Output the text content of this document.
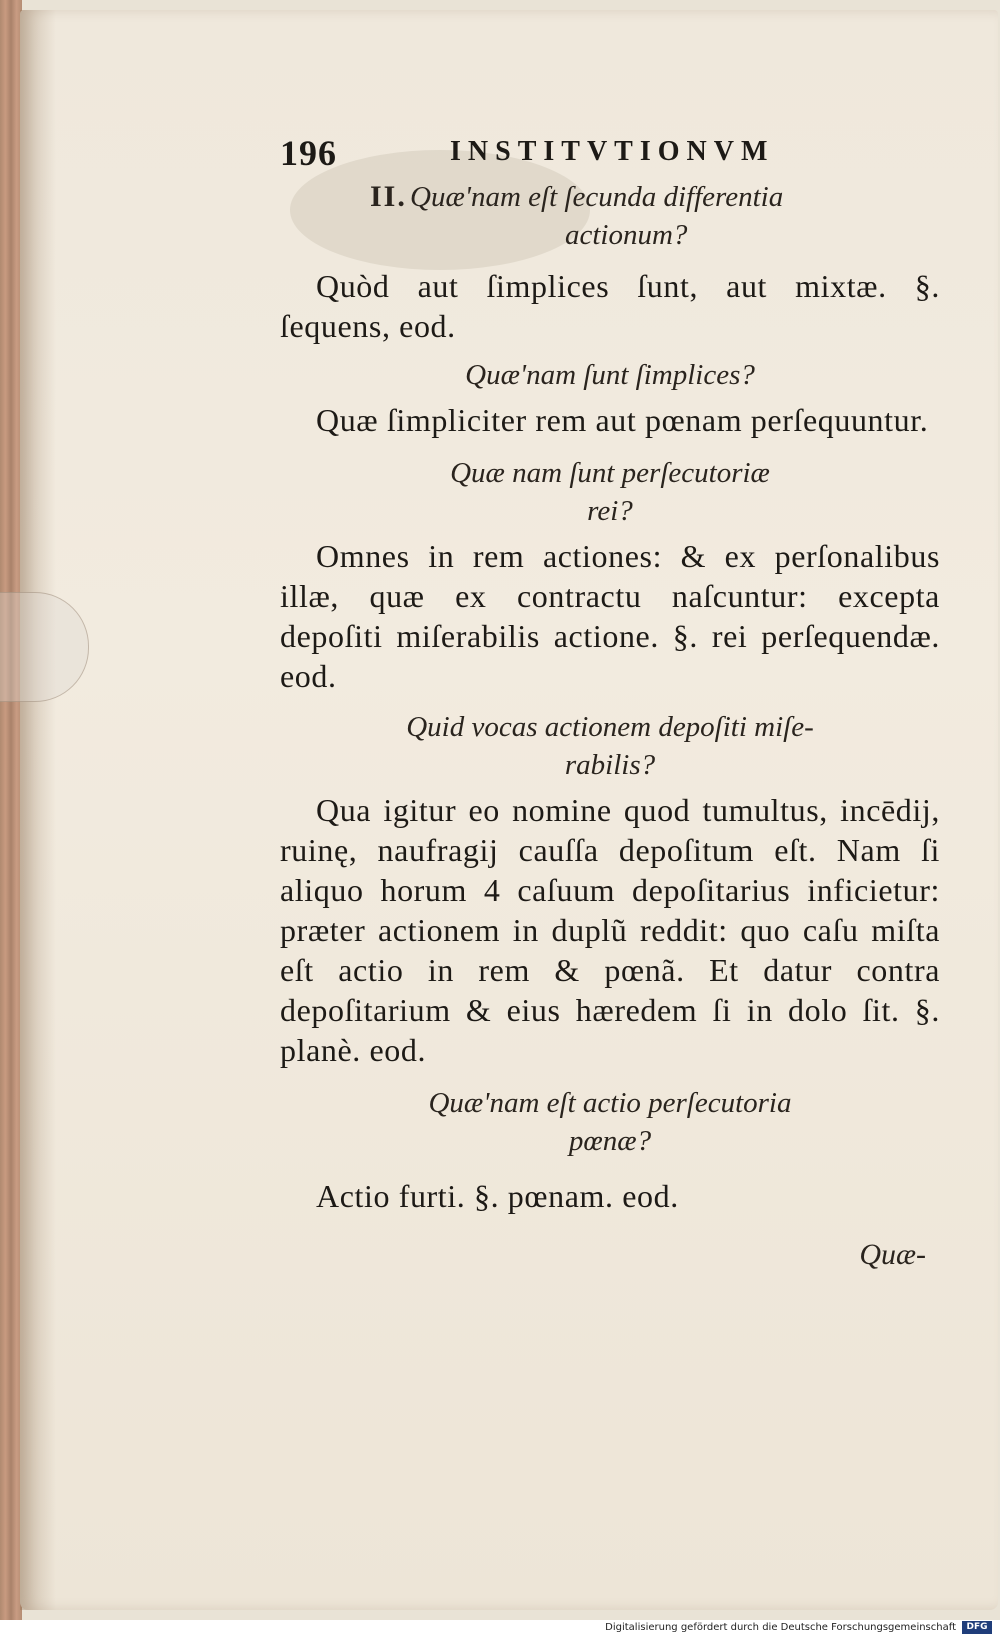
196	INSTITVTIONVM
II. Quæ'nam eſt ſecunda differentia
actionum?

Quòd aut ſimplices ſunt, aut mixtæ. §. ſequens, eod.

Quæ'nam ſunt ſimplices?

Quæ ſimpliciter rem aut pœnam perſequuntur.

Quæ nam ſunt perſecutoriæ
rei?

Omnes in rem actiones: & ex perſonalibus illæ, quæ ex contractu naſcuntur: excepta depoſiti miſerabilis actione. §. rei perſequendæ. eod.

Quid vocas actionem depoſiti miſe-
rabilis?

Qua igitur eo nomine quod tumultus, incēdij, ruinę, naufragij cauſſa depoſitum eſt. Nam ſi aliquo horum 4 caſuum depoſitarius inficietur: præter actionem in duplũ reddit: quo caſu miſta eſt actio in rem & pœnã. Et datur contra depoſitarium & eius hæredem ſi in dolo ſit. §. planè. eod.

Quæ'nam eſt actio perſecutoria
pœnæ?

Actio furti. §. pœnam. eod.

Quæ-
Digitalisierung gefördert durch die Deutsche Forschungsgemeinschaft	DFG
